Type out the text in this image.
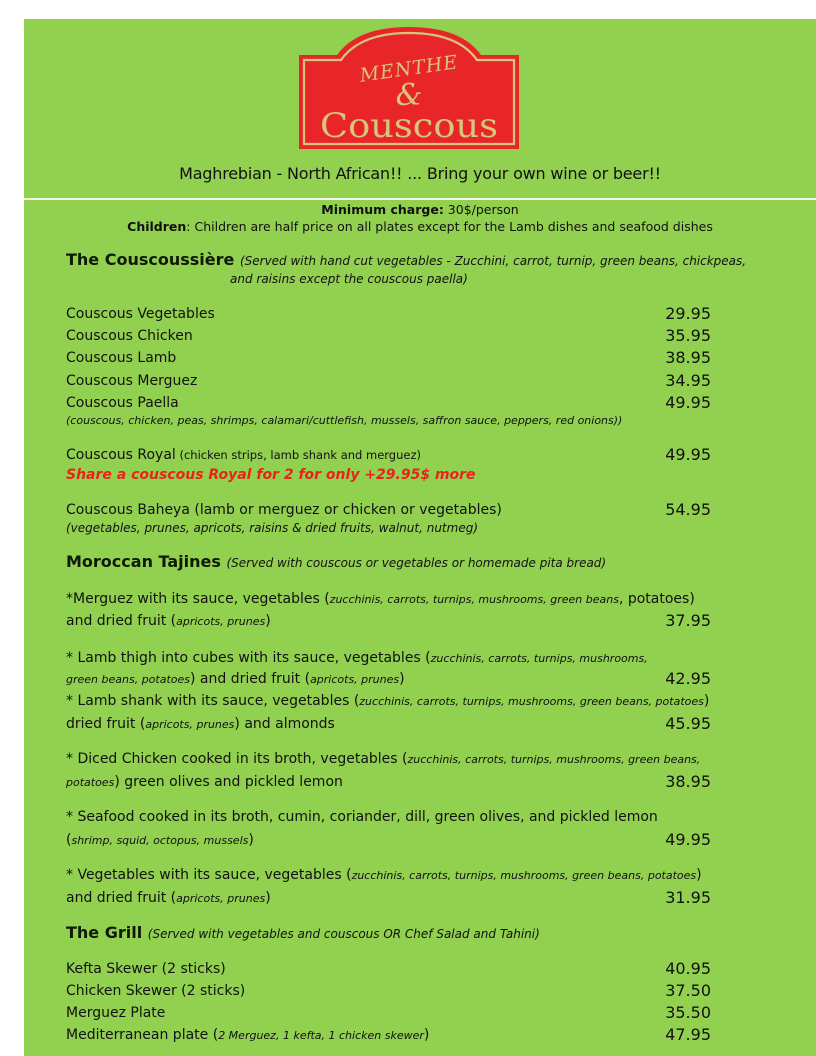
MENTHE
&
Couscous
Maghrebian - North African!! ... Bring your own wine or beer!!
Minimum charge: 30$/person
Children: Children are half price on all plates except for the Lamb dishes and seafood dishes
The Couscoussière (Served with hand cut vegetables - Zucchini, carrot, turnip, green beans, chickpeas,
and raisins except the couscous paella)
Couscous Vegetables	29.95
Couscous Chicken	35.95
Couscous Lamb	38.95
Couscous Merguez	34.95
Couscous Paella	49.95
(couscous, chicken, peas, shrimps, calamari/cuttlefish, mussels, saffron sauce, peppers, red onions))
Couscous Royal (chicken strips, lamb shank and merguez)	49.95
Share a couscous Royal for 2 for only +29.95$ more
Couscous Baheya (lamb or merguez or chicken or vegetables)	54.95
(vegetables, prunes, apricots, raisins & dried fruits, walnut, nutmeg)
Moroccan Tajines (Served with couscous or vegetables or homemade pita bread)
*Merguez with its sauce, vegetables (zucchinis, carrots, turnips, mushrooms, green beans, potatoes)
and dried fruit (apricots, prunes)	37.95
* Lamb thigh into cubes with its sauce, vegetables (zucchinis, carrots, turnips, mushrooms,
green beans, potatoes) and dried fruit (apricots, prunes)	42.95
* Lamb shank with its sauce, vegetables (zucchinis, carrots, turnips, mushrooms, green beans, potatoes)
dried fruit (apricots, prunes) and almonds	45.95
* Diced Chicken cooked in its broth, vegetables (zucchinis, carrots, turnips, mushrooms, green beans,
potatoes) green olives and pickled lemon	38.95
* Seafood cooked in its broth, cumin, coriander, dill, green olives, and pickled lemon
(shrimp, squid, octopus, mussels)	49.95
* Vegetables with its sauce, vegetables (zucchinis, carrots, turnips, mushrooms, green beans, potatoes)
and dried fruit (apricots, prunes)	31.95
The Grill (Served with vegetables and couscous OR Chef Salad and Tahini)
Kefta Skewer (2 sticks)	40.95
Chicken Skewer (2 sticks)	37.50
Merguez Plate	35.50
Mediterranean plate (2 Merguez, 1 kefta, 1 chicken skewer)	47.95
